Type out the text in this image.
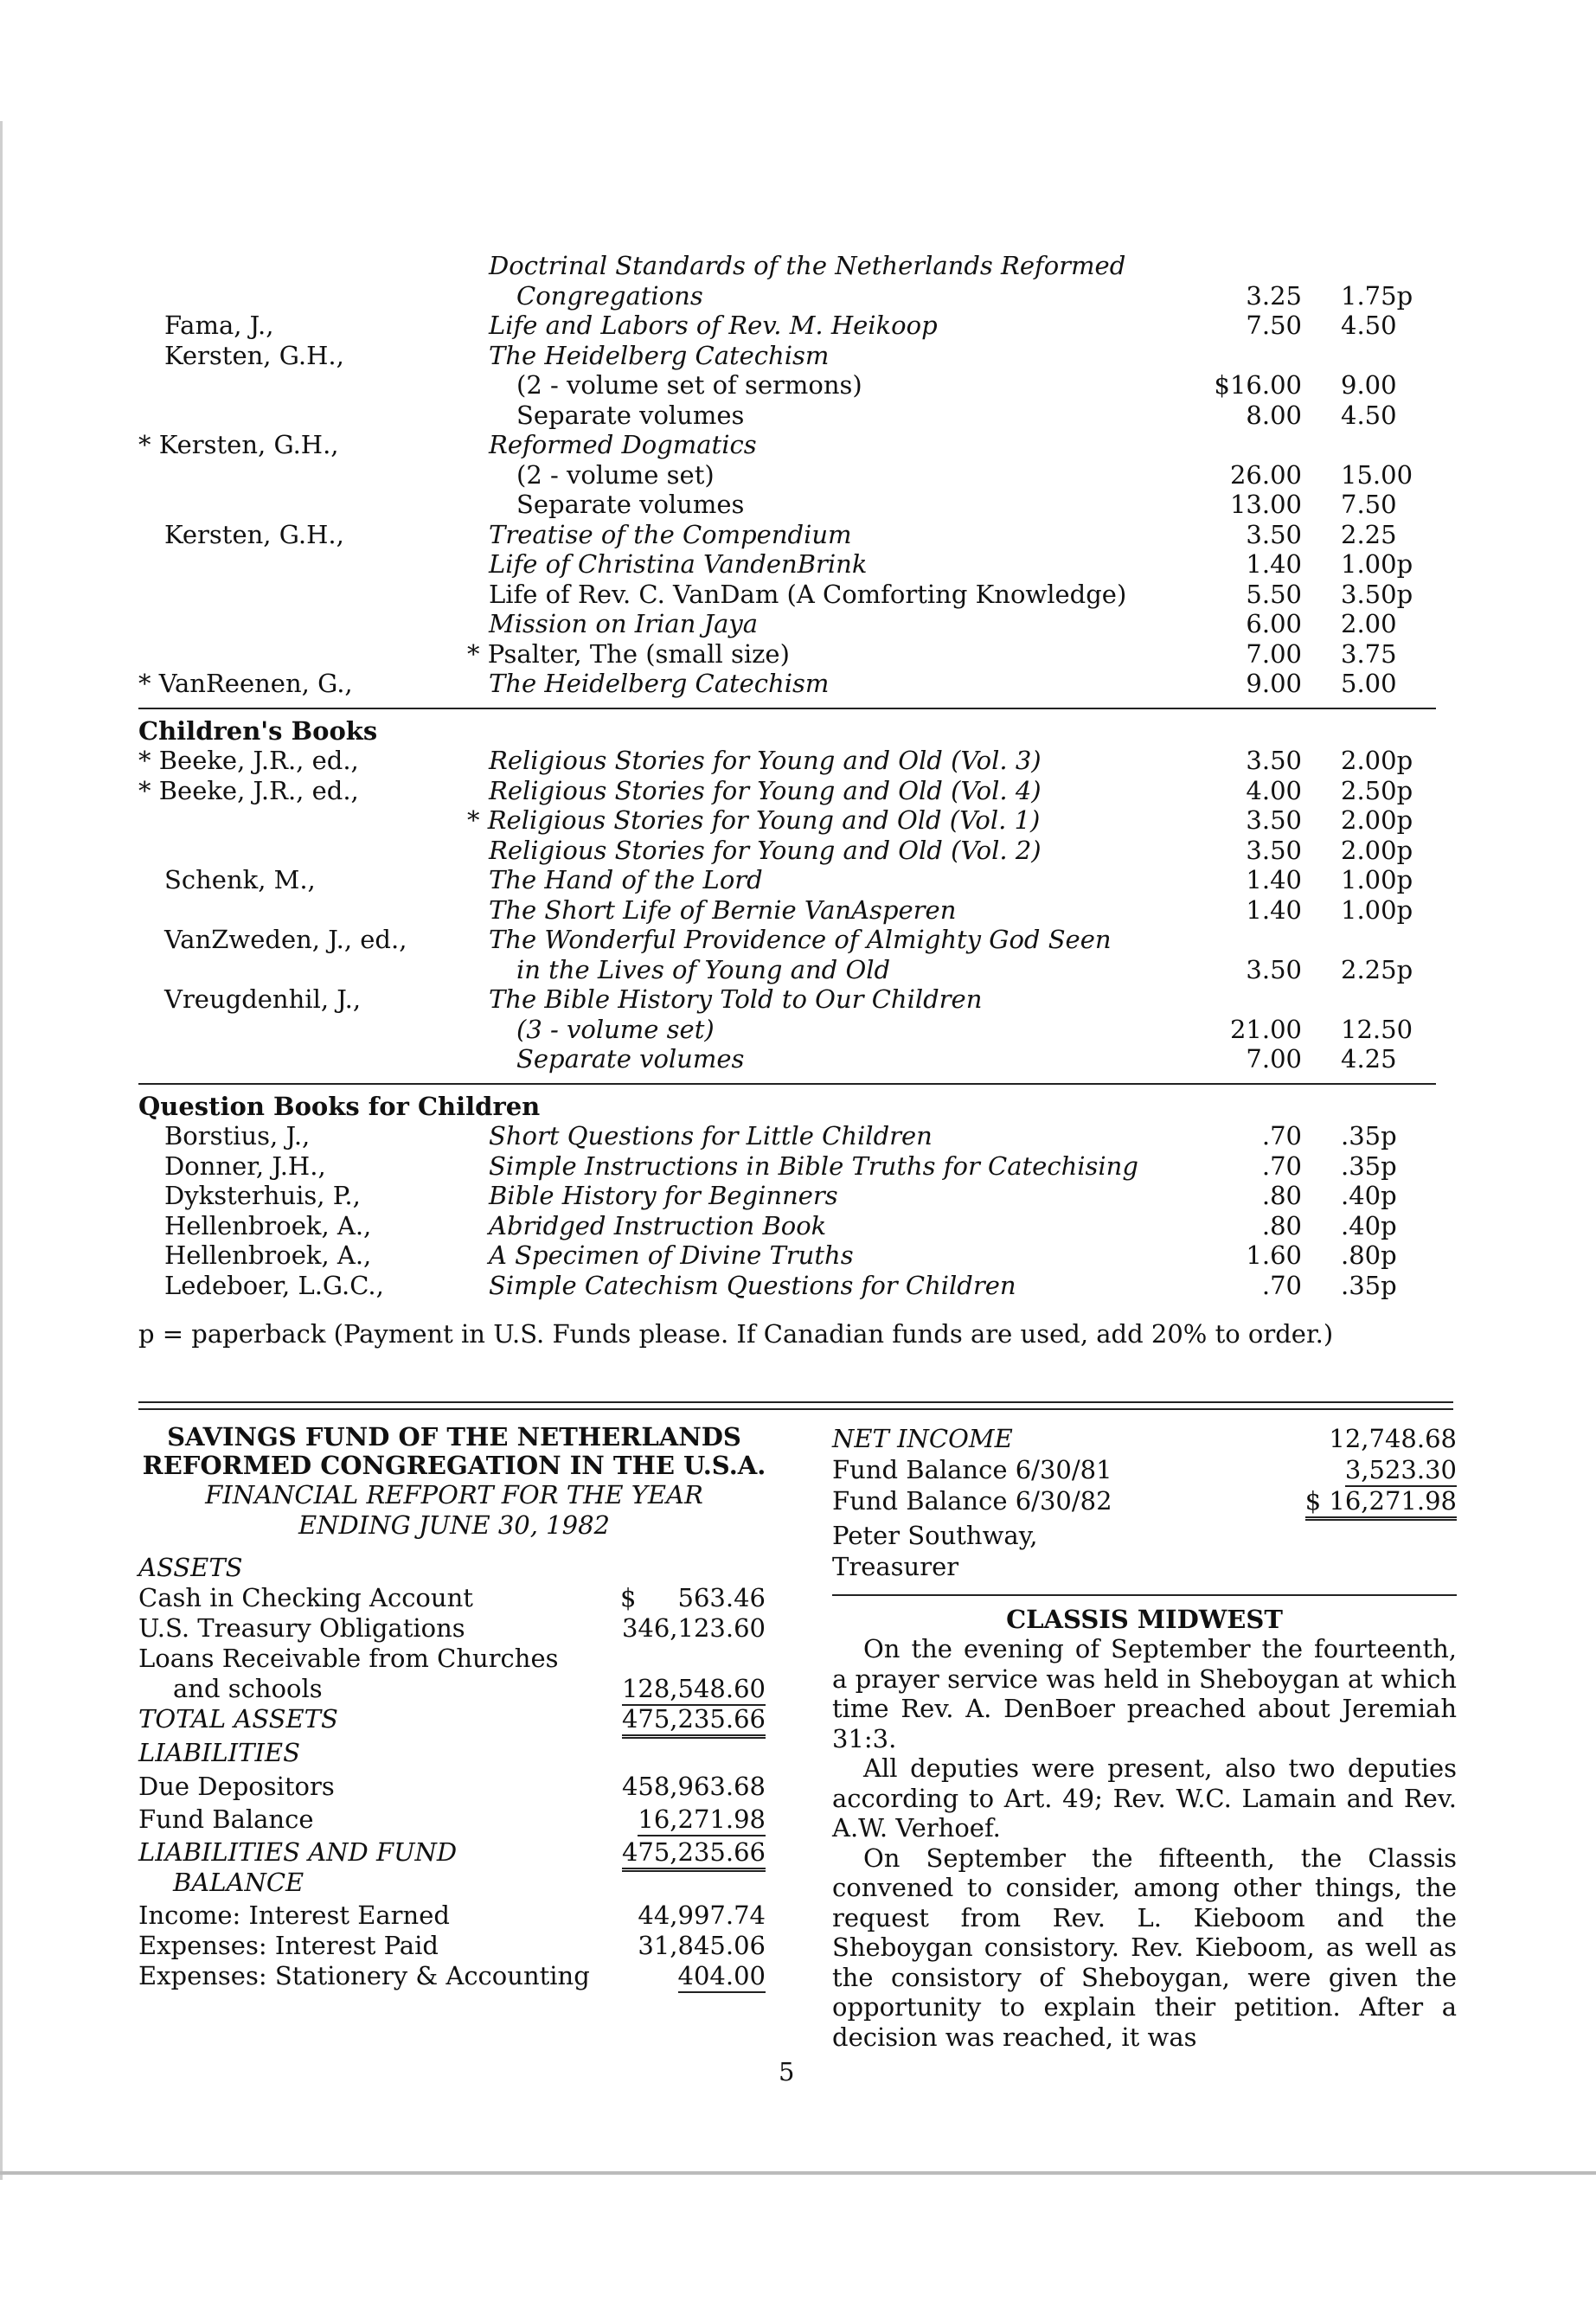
Doctrinal Standards of the Netherlands Reformed
Congregations	3.25	1.75p
Fama, J.,	Life and Labors of Rev. M. Heikoop	7.50	4.50
Kersten, G.H.,	The Heidelberg Catechism
(2 - volume set of sermons)	$16.00	9.00
Separate volumes	8.00	4.50
* Kersten, G.H.,	Reformed Dogmatics
(2 - volume set)	26.00	15.00
Separate volumes	13.00	7.50
Kersten, G.H.,	Treatise of the Compendium	3.50	2.25
Life of Christina VandenBrink	1.40	1.00p
Life of Rev. C. VanDam (A Comforting Knowledge)	5.50	3.50p
Mission on Irian Jaya	6.00	2.00
* Psalter, The (small size)	7.00	3.75
* VanReenen, G.,	The Heidelberg Catechism	9.00	5.00
Children's Books
* Beeke, J.R., ed.,	Religious Stories for Young and Old (Vol. 3)	3.50	2.00p
* Beeke, J.R., ed.,	Religious Stories for Young and Old (Vol. 4)	4.00	2.50p
* Religious Stories for Young and Old (Vol. 1)	3.50	2.00p
Religious Stories for Young and Old (Vol. 2)	3.50	2.00p
Schenk, M.,	The Hand of the Lord	1.40	1.00p
The Short Life of Bernie VanAsperen	1.40	1.00p
VanZweden, J., ed.,	The Wonderful Providence of Almighty God Seen
in the Lives of Young and Old	3.50	2.25p
Vreugdenhil, J.,	The Bible History Told to Our Children
(3 - volume set)	21.00	12.50
Separate volumes	7.00	4.25
Question Books for Children
Borstius, J.,	Short Questions for Little Children	.70	.35p
Donner, J.H.,	Simple Instructions in Bible Truths for Catechising	.70	.35p
Dyksterhuis, P.,	Bible History for Beginners	.80	.40p
Hellenbroek, A.,	Abridged Instruction Book	.80	.40p
Hellenbroek, A.,	A Specimen of Divine Truths	1.60	.80p
Ledeboer, L.G.C.,	Simple Catechism Questions for Children	.70	.35p
p = paperback (Payment in U.S. Funds please. If Canadian funds are used, add 20% to order.)
SAVINGS FUND OF THE NETHERLANDS
REFORMED CONGREGATION IN THE U.S.A.
FINANCIAL REFPORT FOR THE YEAR
ENDING JUNE 30, 1982
ASSETS
Cash in Checking Account	$ 563.46
U.S. Treasury Obligations	346,123.60
Loans Receivable from Churches
and schools	128,548.60
TOTAL ASSETS	475,235.66
LIABILITIES
Due Depositors	458,963.68
Fund Balance	16,271.98
LIABILITIES AND FUND	475,235.66
BALANCE
Income: Interest Earned	44,997.74
Expenses: Interest Paid	31,845.06
Expenses: Stationery & Accounting	404.00
NET INCOME	12,748.68
Fund Balance 6/30/81	3,523.30
Fund Balance 6/30/82	$ 16,271.98
Peter Southway,
Treasurer
CLASSIS MIDWEST

On the evening of September the fourteenth, a prayer service was held in Sheboygan at which time Rev. A. DenBoer preached about Jeremiah 31:3.

All deputies were present, also two deputies according to Art. 49; Rev. W.C. Lamain and Rev. A.W. Verhoef.

On September the fifteenth, the Classis convened to consider, among other things, the request from Rev. L. Kieboom and the Sheboygan consistory. Rev. Kieboom, as well as the consistory of Sheboygan, were given the opportunity to explain their petition. After a decision was reached, it was

5
